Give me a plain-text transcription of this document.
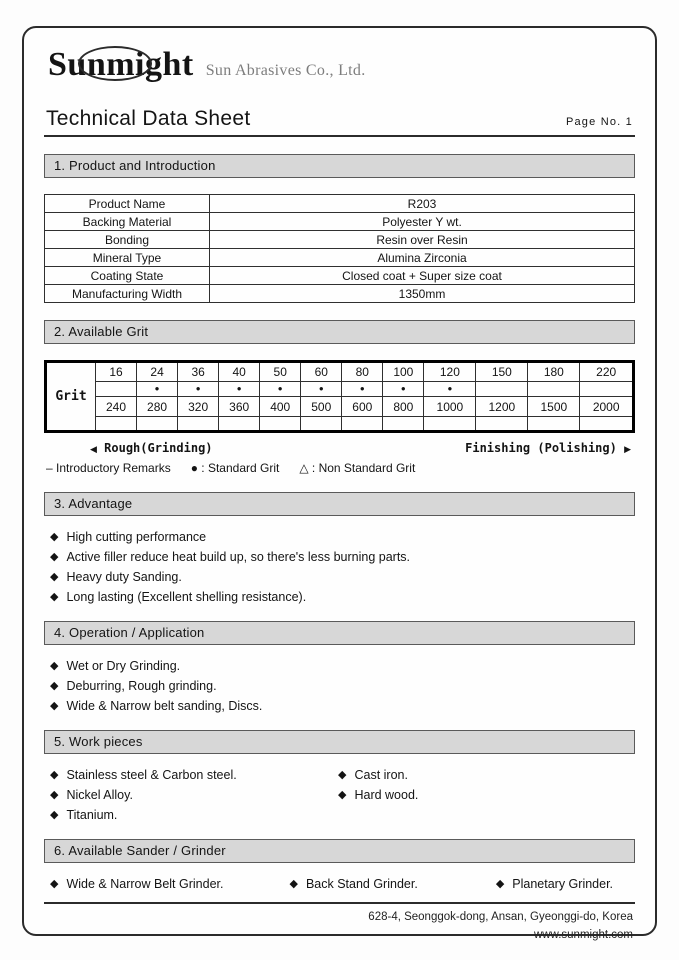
Sunmight Sun Abrasives Co., Ltd.
Technical Data Sheet	Page No. 1
1. Product and Introduction
Product Name	R203
Backing Material	Polyester Y wt.
Bonding	Resin over Resin
Mineral Type	Alumina Zirconia
Coating State	Closed coat + Super size coat
Manufacturing Width	1350mm
2. Available Grit
Grit	16	24	36	40	50	60	80	100	120	150	180	220
		●	●	●	●	●	●	●	●			
	240	280	320	360	400	500	600	800	1000	1200	1500	2000

◀ Rough(Grinding)	Finishing (Polishing) ▶
– Introductory Remarks ● : Standard Grit △ : Non Standard Grit
3. Advantage
◆ High cutting performance
◆ Active filler reduce heat build up, so there's less burning parts.
◆ Heavy duty Sanding.
◆ Long lasting (Excellent shelling resistance).
4. Operation / Application
◆ Wet or Dry Grinding.
◆ Deburring, Rough grinding.
◆ Wide & Narrow belt sanding, Discs.
5. Work pieces
◆ Stainless steel & Carbon steel.
◆ Nickel Alloy.
◆ Titanium.
◆ Cast iron.
◆ Hard wood.
6. Available Sander / Grinder
◆ Wide & Narrow Belt Grinder.	◆ Back Stand Grinder.	◆ Planetary Grinder.
628-4, Seonggok-dong, Ansan, Gyeonggi-do, Korea
www.sunmight.com
